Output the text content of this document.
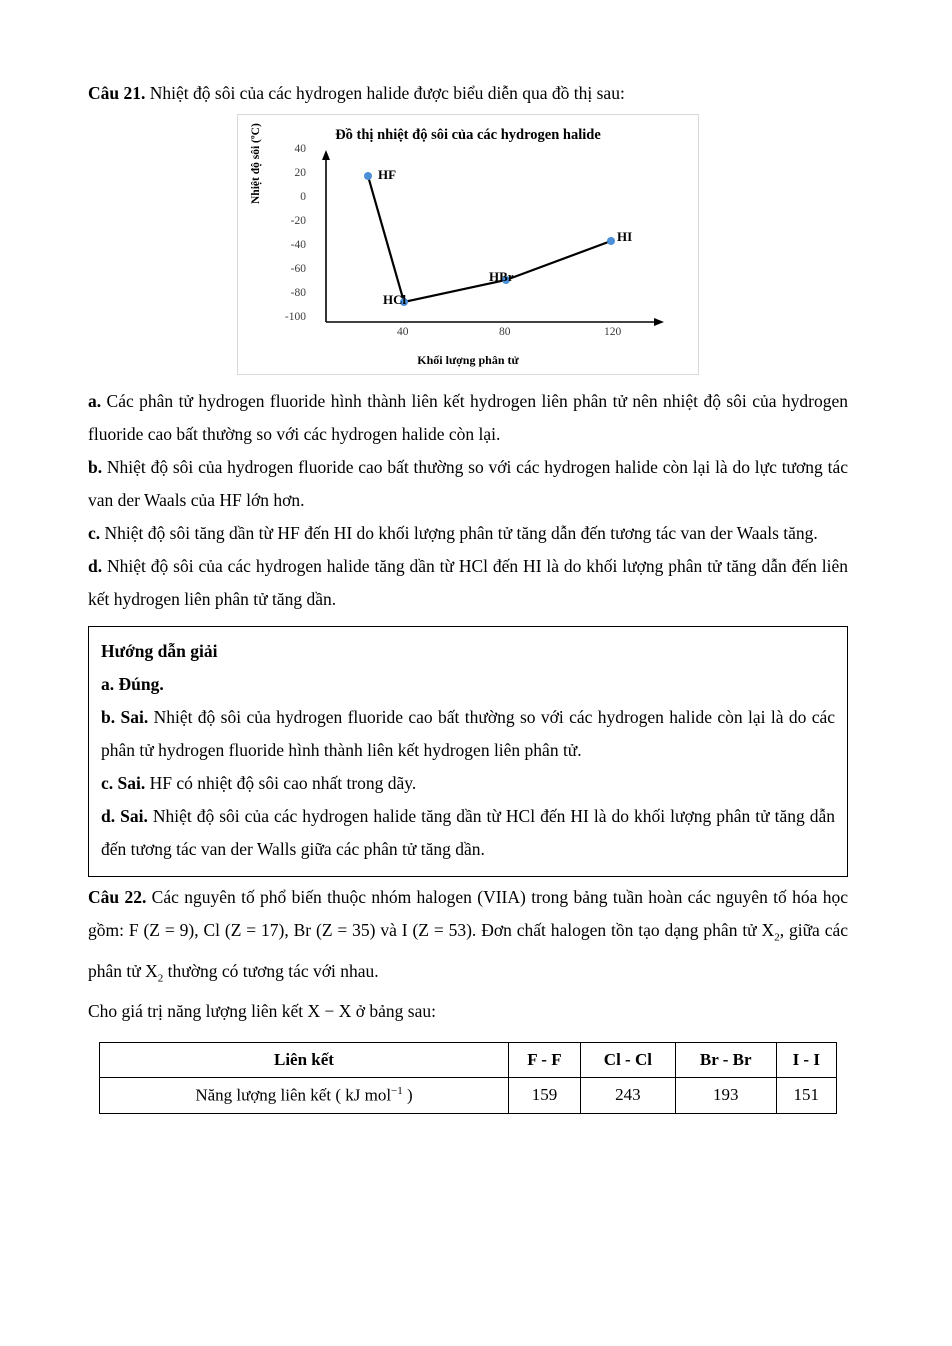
Câu 21. Nhiệt độ sôi của các hydrogen halide được biểu diễn qua đồ thị sau:

Đồ thị nhiệt độ sôi của các hydrogen halide
Nhiệt độ sôi (ºC)	40
20
0
-20
-40
-60
-80
-100
HF
HCl
HBr
HI
40	80	120
Khối lượng phân tử

a. Các phân tử hydrogen fluoride hình thành liên kết hydrogen liên phân tử nên nhiệt độ sôi của hydrogen fluoride cao bất thường so với các hydrogen halide còn lại.

b. Nhiệt độ sôi của hydrogen fluoride cao bất thường so với các hydrogen halide còn lại là do lực tương tác van der Waals của HF lớn hơn.

c. Nhiệt độ sôi tăng dần từ HF đến HI do khối lượng phân tử tăng dẫn đến tương tác van der Waals tăng.

d. Nhiệt độ sôi của các hydrogen halide tăng dần từ HCl đến HI là do khối lượng phân tử tăng dẫn đến liên kết hydrogen liên phân tử tăng dần.

Hướng dẫn giải

a. Đúng.

b. Sai. Nhiệt độ sôi của hydrogen fluoride cao bất thường so với các hydrogen halide còn lại là do các phân tử hydrogen fluoride hình thành liên kết hydrogen liên phân tử.

c. Sai. HF có nhiệt độ sôi cao nhất trong dãy.

d. Sai. Nhiệt độ sôi của các hydrogen halide tăng dần từ HCl đến HI là do khối lượng phân tử tăng dẫn đến tương tác van der Walls giữa các phân tử tăng dần.

Câu 22. Các nguyên tố phổ biến thuộc nhóm halogen (VIIA) trong bảng tuần hoàn các nguyên tố hóa học gồm: F (Z = 9), Cl (Z = 17), Br (Z = 35) và I (Z = 53). Đơn chất halogen tồn tạo dạng phân tử $X_2$, giữa các phân tử $X_2$ thường có tương tác với nhau.

Cho giá trị năng lượng liên kết X − X ở bảng sau:

Liên kết	F - F	Cl - Cl	Br - Br	I - I
Năng lượng liên kết ( kJ mol$^{-1}$ )	159	243	193	151
